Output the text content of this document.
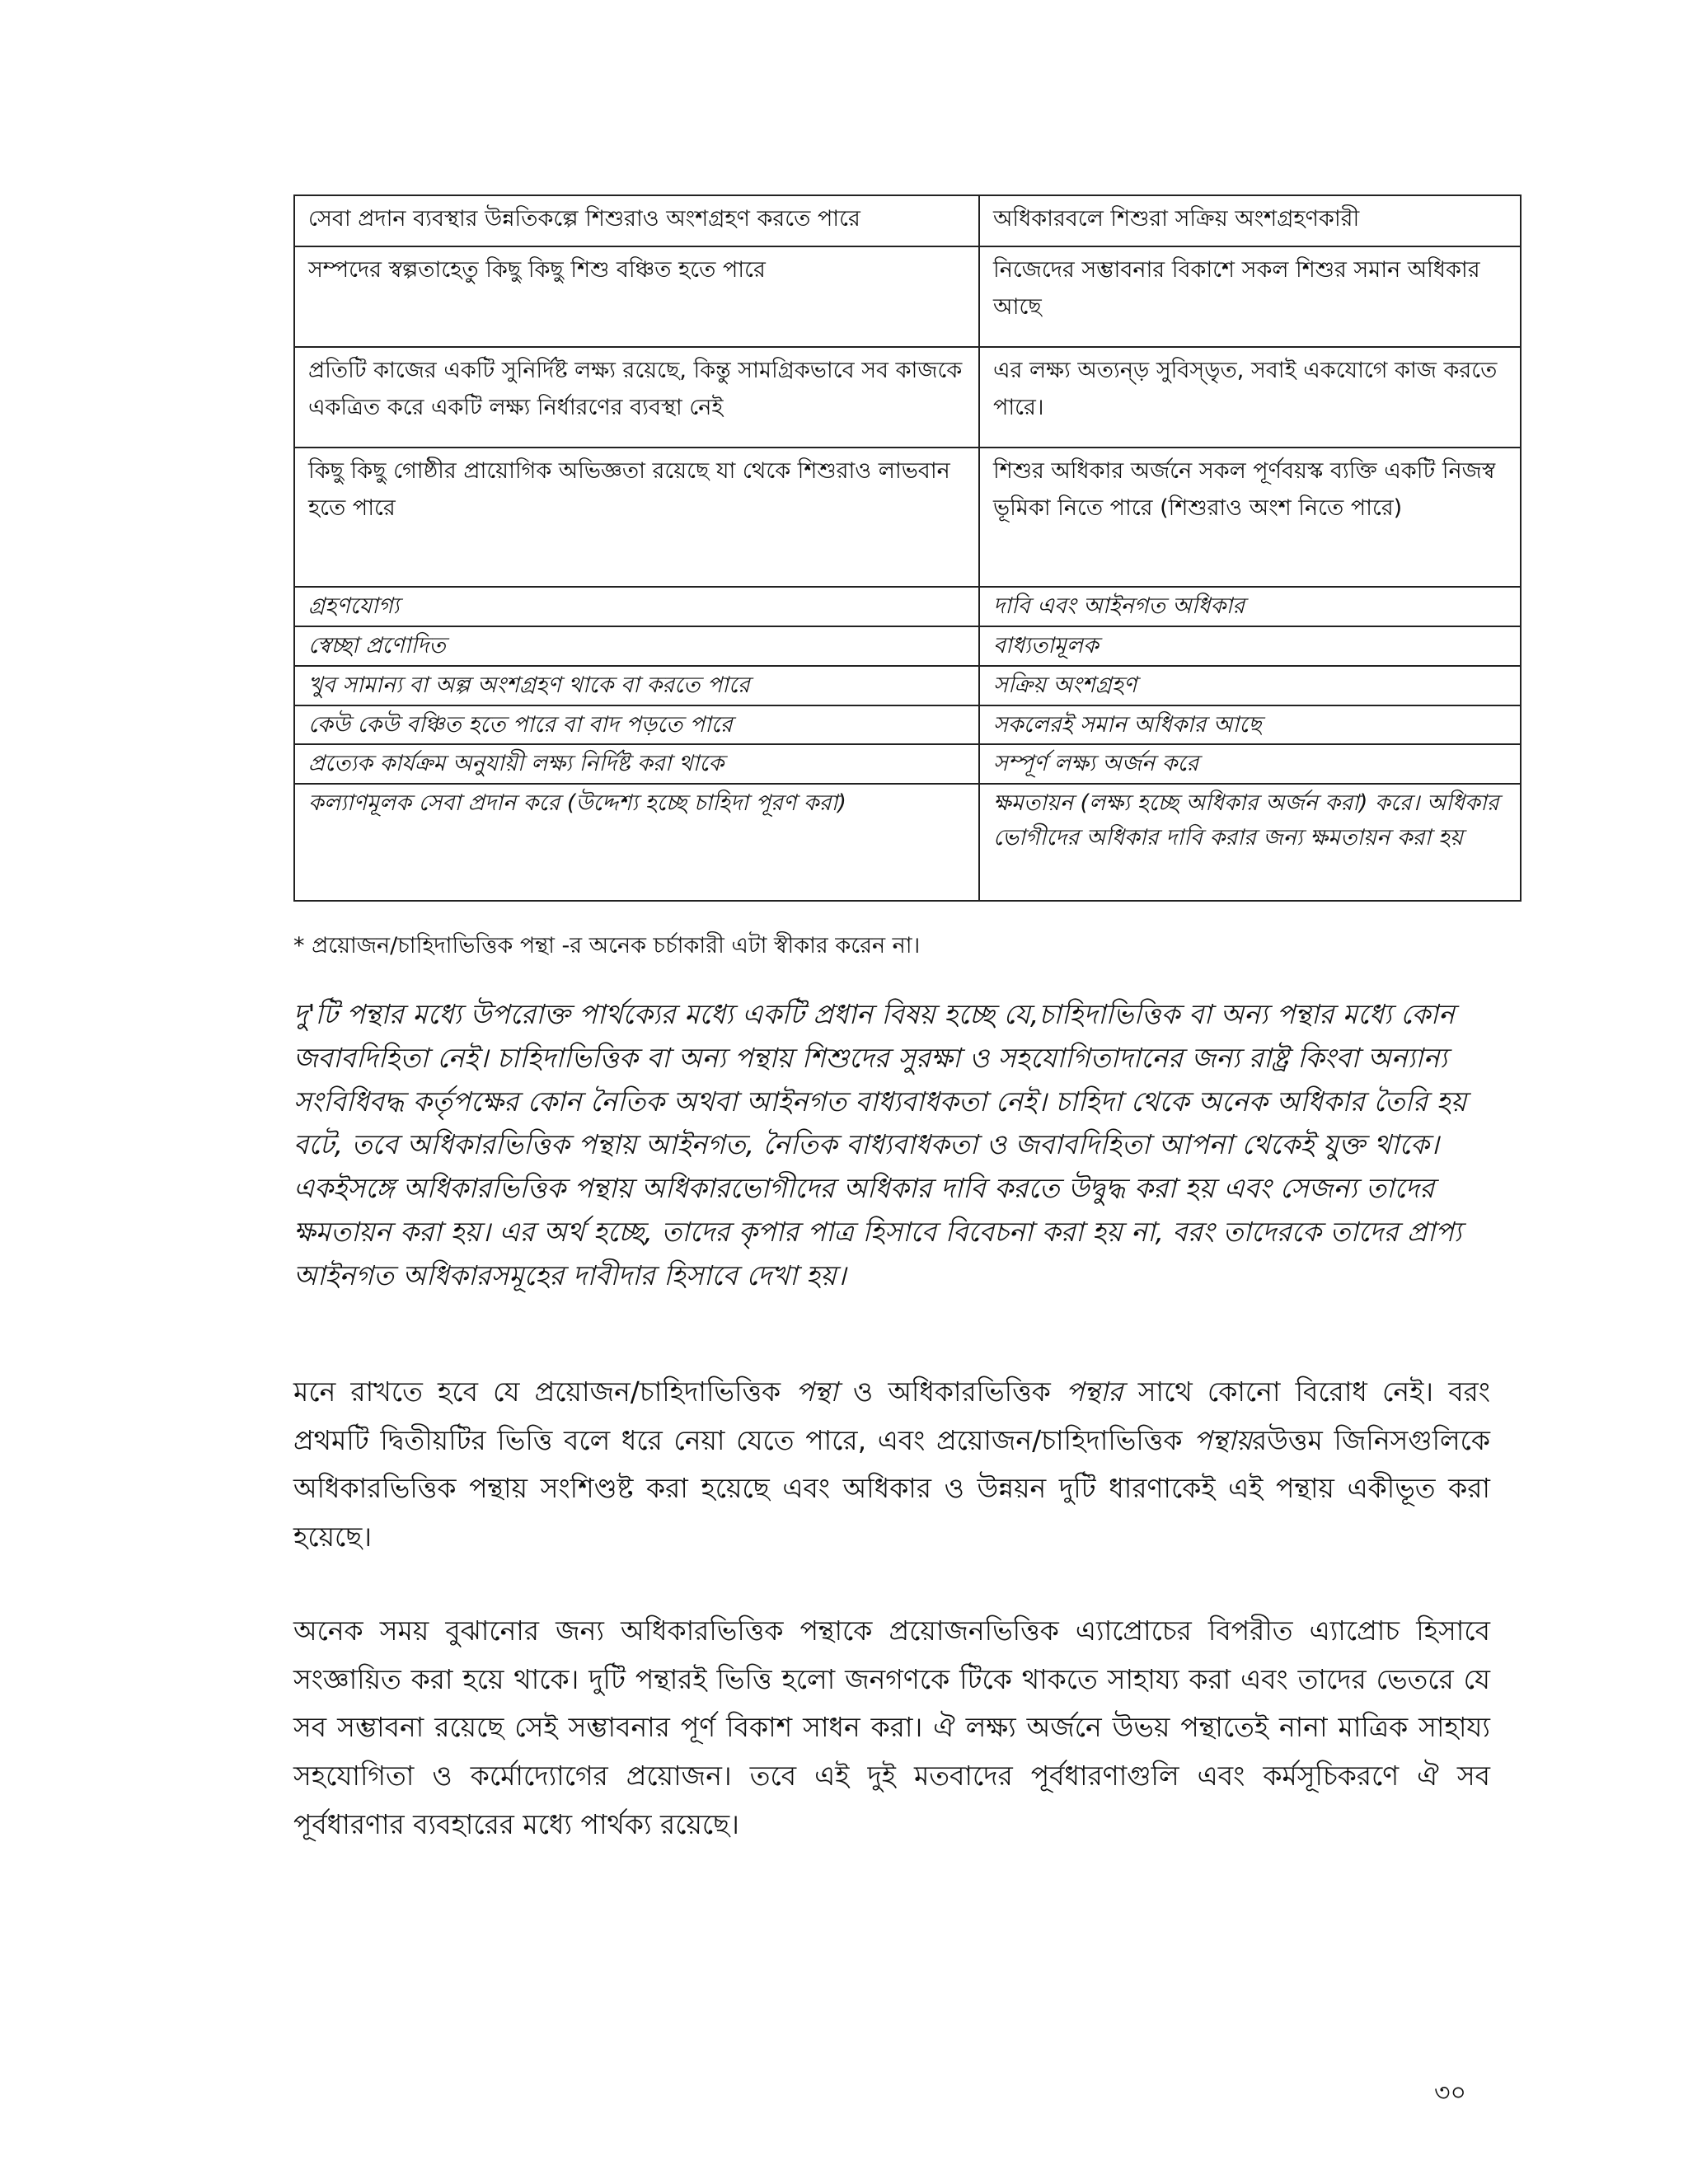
সেবা প্রদান ব্যবস্থার উন্নতিকল্পে শিশুরাও অংশগ্রহণ করতে পারে	অধিকারবলে শিশুরা সক্রিয় অংশগ্রহণকারী
সম্পদের স্বল্পতাহেতু কিছু কিছু শিশু বঞ্চিত হতে পারে	নিজেদের সম্ভাবনার বিকাশে সকল শিশুর সমান অধিকার আছে
প্রতিটি কাজের একটি সুনির্দিষ্ট লক্ষ্য রয়েছে, কিন্তু সামগ্রিকভাবে সব কাজকে একত্রিত করে একটি লক্ষ্য নির্ধারণের ব্যবস্থা নেই	এর লক্ষ্য অত্যন্ড় সুবিস্ড়ৃত, সবাই একযোগে কাজ করতে পারে।
কিছু কিছু গোষ্ঠীর প্রায়োগিক অভিজ্ঞতা রয়েছে যা থেকে শিশুরাও লাভবান হতে পারে	শিশুর অধিকার অর্জনে সকল পূর্ণবয়স্ক ব্যক্তি একটি নিজস্ব ভূমিকা নিতে পারে (শিশুরাও অংশ নিতে পারে)
গ্রহণযোগ্য	দাবি এবং আইনগত অধিকার
স্বেচ্ছা প্রণোদিত	বাধ্যতামূলক
খুব সামান্য বা অল্প অংশগ্রহণ থাকে বা করতে পারে	সক্রিয় অংশগ্রহণ
কেউ কেউ বঞ্চিত হতে পারে বা বাদ পড়তে পারে	সকলেরই সমান অধিকার আছে
প্রত্যেক কার্যক্রম অনুযায়ী লক্ষ্য নির্দিষ্ট করা থাকে	সম্পূর্ণ লক্ষ্য অর্জন করে
কল্যাণমূলক সেবা প্রদান করে (উদ্দেশ্য হচ্ছে চাহিদা পূরণ করা)	ক্ষমতায়ন (লক্ষ্য হচ্ছে অধিকার অর্জন করা) করে। অধিকার ভোগীদের অধিকার দাবি করার জন্য ক্ষমতায়ন করা হয়
* প্রয়োজন/চাহিদাভিত্তিক পন্থা -র অনেক চর্চাকারী এটা স্বীকার করেন না।
দু'টি পন্থার মধ্যে উপরোক্ত পার্থক্যের মধ্যে একটি প্রধান বিষয় হচ্ছে যে,চাহিদাভিত্তিক বা অন্য পন্থার মধ্যে কোন জবাবদিহিতা নেই। চাহিদাভিত্তিক বা অন্য পন্থায় শিশুদের সুরক্ষা ও সহযোগিতাদানের জন্য রাষ্ট্র কিংবা অন্যান্য সংবিধিবদ্ধ কর্তৃপক্ষের কোন নৈতিক অথবা আইনগত বাধ্যবাধকতা নেই। চাহিদা থেকে অনেক অধিকার তৈরি হয় বটে, তবে অধিকারভিত্তিক পন্থায় আইনগত, নৈতিক বাধ্যবাধকতা ও জবাবদিহিতা আপনা থেকেই যুক্ত থাকে। একইসঙ্গে অধিকারভিত্তিক পন্থায় অধিকারভোগীদের অধিকার দাবি করতে উদ্বুদ্ধ করা হয় এবং সেজন্য তাদের ক্ষমতায়ন করা হয়। এর অর্থ হচ্ছে, তাদের কৃপার পাত্র হিসাবে বিবেচনা করা হয় না, বরং তাদেরকে তাদের প্রাপ্য আইনগত অধিকারসমূহের দাবীদার হিসাবে দেখা হয়।
মনে রাখতে হবে যে প্রয়োজন/চাহিদাভিত্তিক পন্থা ও অধিকারভিত্তিক পন্থার সাথে কোনো বিরোধ নেই। বরং প্রথমটি দ্বিতীয়টির ভিত্তি বলে ধরে নেয়া যেতে পারে, এবং প্রয়োজন/চাহিদাভিত্তিক পন্থায়রউত্তম জিনিসগুলিকে অধিকারভিত্তিক পন্থায় সংশিণ্ডষ্ট করা হয়েছে এবং অধিকার ও উন্নয়ন দুটি ধারণাকেই এই পন্থায় একীভূত করা হয়েছে।
অনেক সময় বুঝানোর জন্য অধিকারভিত্তিক পন্থাকে প্রয়োজনভিত্তিক এ্যাপ্রোচের বিপরীত এ্যাপ্রোচ হিসাবে সংজ্ঞায়িত করা হয়ে থাকে। দুটি পন্থারই ভিত্তি হলো জনগণকে টিকে থাকতে সাহায্য করা এবং তাদের ভেতরে যে সব সম্ভাবনা রয়েছে সেই সম্ভাবনার পূর্ণ বিকাশ সাধন করা। ঐ লক্ষ্য অর্জনে উভয় পন্থাতেই নানা মাত্রিক সাহায্য সহযোগিতা ও কর্মোদ্যোগের প্রয়োজন। তবে এই দুই মতবাদের পূর্বধারণাগুলি এবং কর্মসূচিকরণে ঐ সব পূর্বধারণার ব্যবহারের মধ্যে পার্থক্য রয়েছে।
৩০
